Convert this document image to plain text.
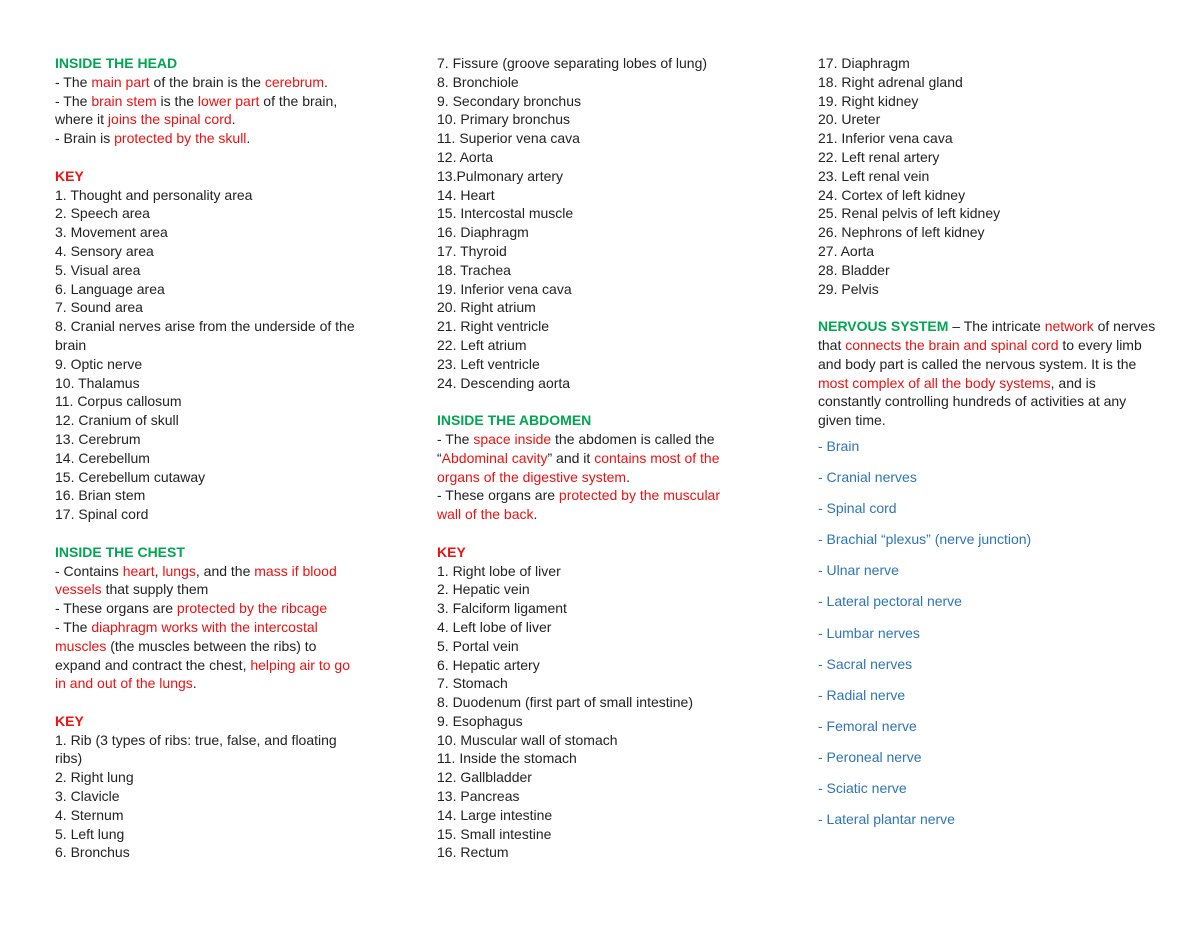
INSIDE THE HEAD
- The main part of the brain is the cerebrum.
- The brain stem is the lower part of the brain,
where it joins the spinal cord.
- Brain is protected by the skull.
KEY
1. Thought and personality area
2. Speech area
3. Movement area
4. Sensory area
5. Visual area
6. Language area
7. Sound area
8. Cranial nerves arise from the underside of the
brain
9. Optic nerve
10. Thalamus
11. Corpus callosum
12. Cranium of skull
13. Cerebrum
14. Cerebellum
15. Cerebellum cutaway
16. Brian stem
17. Spinal cord
INSIDE THE CHEST
- Contains heart, lungs, and the mass if blood
vessels that supply them
- These organs are protected by the ribcage
- The diaphragm works with the intercostal
muscles (the muscles between the ribs) to
expand and contract the chest, helping air to go
in and out of the lungs.
KEY
1. Rib (3 types of ribs: true, false, and floating
ribs)
2. Right lung
3. Clavicle
4. Sternum
5. Left lung
6. Bronchus
7. Fissure (groove separating lobes of lung)
8. Bronchiole
9. Secondary bronchus
10. Primary bronchus
11. Superior vena cava
12. Aorta
13.Pulmonary artery
14. Heart
15. Intercostal muscle
16. Diaphragm
17. Thyroid
18. Trachea
19. Inferior vena cava
20. Right atrium
21. Right ventricle
22. Left atrium
23. Left ventricle
24. Descending aorta
INSIDE THE ABDOMEN
- The space inside the abdomen is called the
“Abdominal cavity” and it contains most of the
organs of the digestive system.
- These organs are protected by the muscular
wall of the back.
KEY
1. Right lobe of liver
2. Hepatic vein
3. Falciform ligament
4. Left lobe of liver
5. Portal vein
6. Hepatic artery
7. Stomach
8. Duodenum (first part of small intestine)
9. Esophagus
10. Muscular wall of stomach
11. Inside the stomach
12. Gallbladder
13. Pancreas
14. Large intestine
15. Small intestine
16. Rectum
17. Diaphragm
18. Right adrenal gland
19. Right kidney
20. Ureter
21. Inferior vena cava
22. Left renal artery
23. Left renal vein
24. Cortex of left kidney
25. Renal pelvis of left kidney
26. Nephrons of left kidney
27. Aorta
28. Bladder
29. Pelvis
NERVOUS SYSTEM – The intricate network of nerves that connects the brain and spinal cord to every limb and body part is called the nervous system. It is the most complex of all the body systems, and is constantly controlling hundreds of activities at any given time.
- Brain
- Cranial nerves
- Spinal cord
- Brachial “plexus” (nerve junction)
- Ulnar nerve
- Lateral pectoral nerve
- Lumbar nerves
- Sacral nerves
- Radial nerve
- Femoral nerve
- Peroneal nerve
- Sciatic nerve
- Lateral plantar nerve
